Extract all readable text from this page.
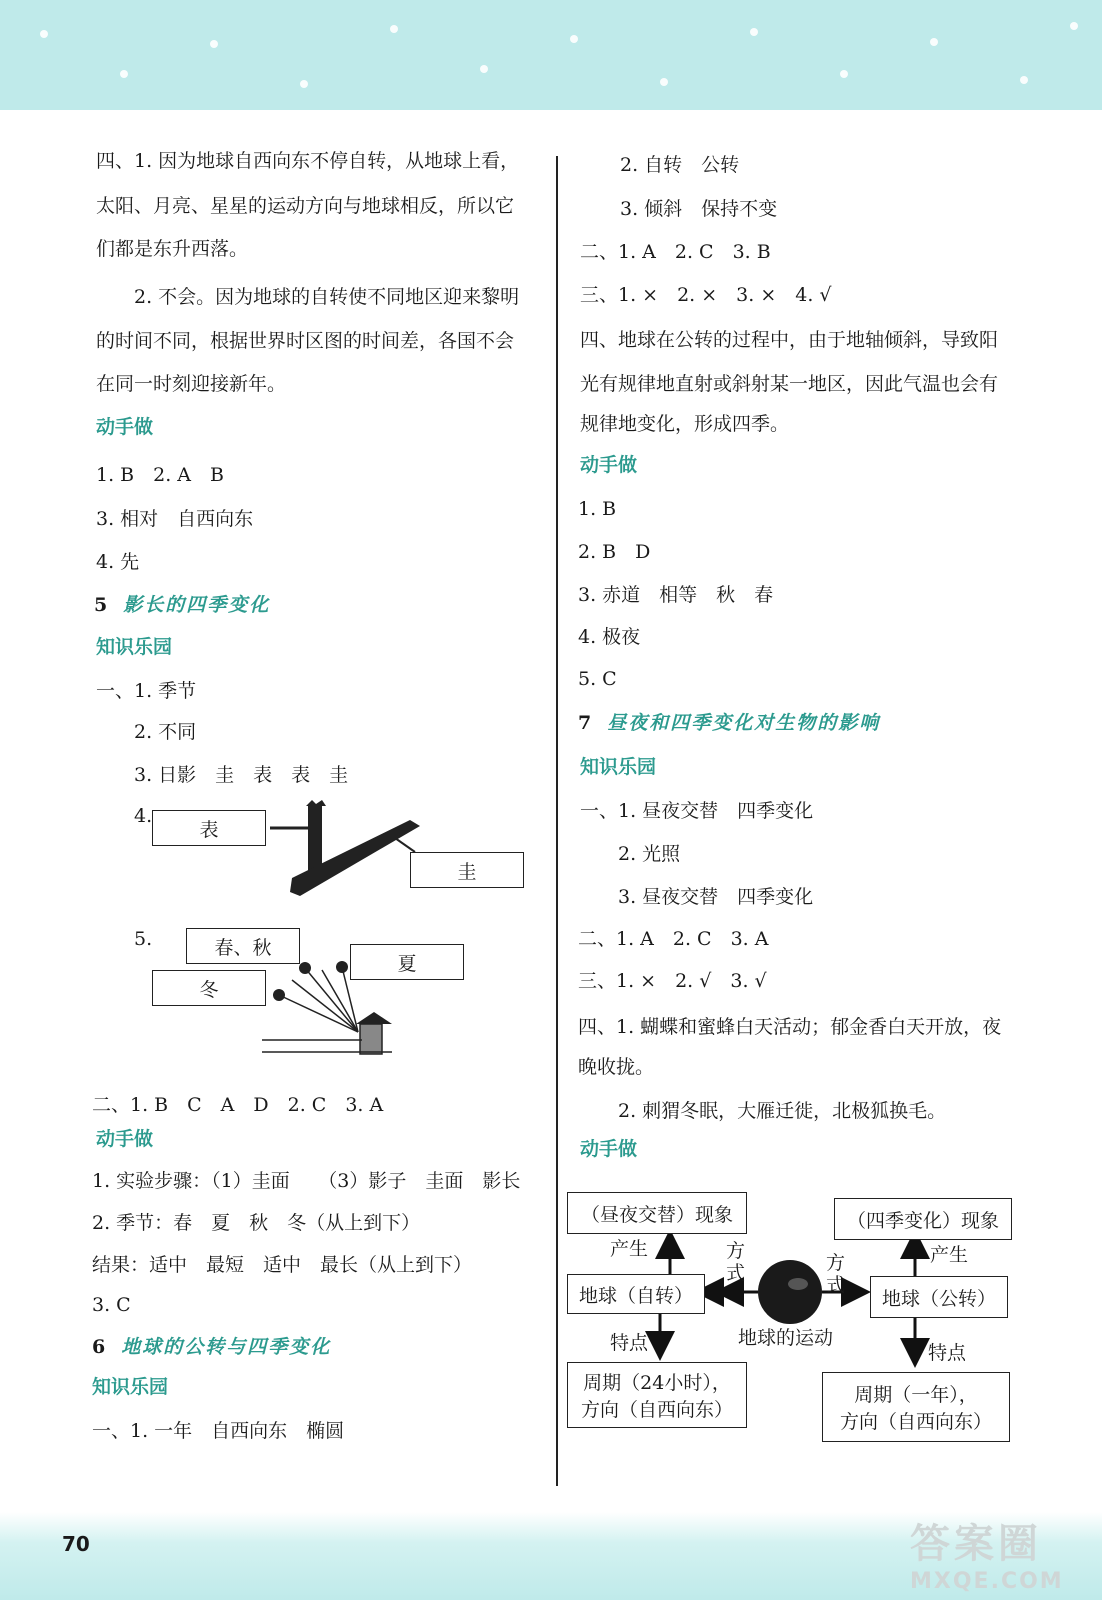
四、1. 因为地球自西向东不停自转，从地球上看，
太阳、月亮、星星的运动方向与地球相反，所以它
们都是东升西落。
2. 不会。因为地球的自转使不同地区迎来黎明
的时间不同，根据世界时区图的时间差，各国不会
在同一时刻迎接新年。
动手做
1. B　2. A　B
3. 相对　自西向东
4. 先
5 影长的四季变化
知识乐园
一、1. 季节
2. 不同
3. 日影　圭　表　表　圭
4.
表
圭
5.	春、秋
夏
冬
二、1. B　C　A　D　2. C　3. A
动手做
1. 实验步骤：（1）圭面　　（3）影子　圭面　影长
2. 季节：春　夏　秋　冬（从上到下）
结果：适中　最短　适中　最长（从上到下）
3. C
6 地球的公转与四季变化
知识乐园
一、1. 一年　自西向东　椭圆
2. 自转　公转
3. 倾斜　保持不变
二、1. A　2. C　3. B
三、1. ×　2. ×　3. ×　4. √
四、地球在公转的过程中，由于地轴倾斜，导致阳
光有规律地直射或斜射某一地区，因此气温也会有
规律地变化，形成四季。
动手做
1. B
2. B　D
3. 赤道　相等　秋　春
4. 极夜
5. C
7 昼夜和四季变化对生物的影响
知识乐园
一、1. 昼夜交替　四季变化
2. 光照
3. 昼夜交替　四季变化
二、1. A　2. C　3. A
三、1. ×　2. √　3. √
四、1. 蝴蝶和蜜蜂白天活动；郁金香白天开放，夜
晚收拢。
2. 刺猬冬眠，大雁迁徙，北极狐换毛。
动手做
（昼夜交替）现象	（四季变化）现象
地球（自转）	地球（公转）
产生	产生
方式	方式
特点	特点
地球的运动
周期（24小时），
方向（自西向东）
周期（一年），
方向（自西向东）
70	答案圈
MXQE.COM
